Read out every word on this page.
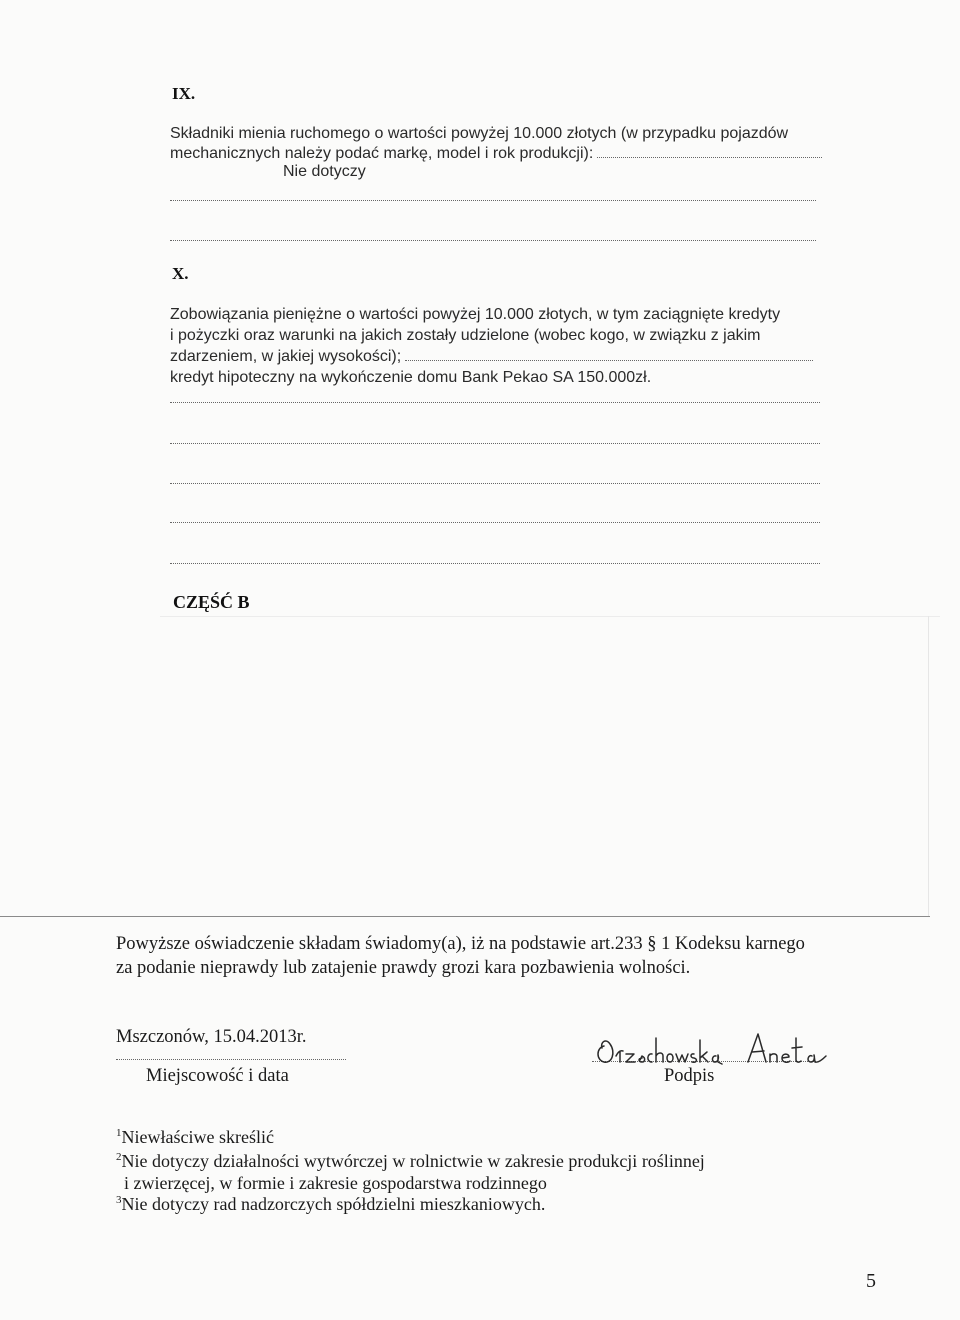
IX.
Składniki mienia ruchomego o wartości powyżej 10.000 złotych (w przypadku pojazdów
mechanicznych należy podać markę, model i rok produkcji):
Nie dotyczy
X.
Zobowiązania pieniężne o wartości powyżej 10.000 złotych, w tym zaciągnięte kredyty
i pożyczki oraz warunki na jakich zostały udzielone (wobec kogo, w związku z jakim
zdarzeniem, w jakiej wysokości);
kredyt hipoteczny na wykończenie domu Bank Pekao SA 150.000zł.
CZĘŚĆ B
Powyższe oświadczenie składam świadomy(a), iż na podstawie art.233 § 1 Kodeksu karnego
za podanie nieprawdy lub zatajenie prawdy grozi kara pozbawienia wolności.
Mszczonów, 15.04.2013r.
Miejscowość i data	Podpis
$^1$Niewłaściwe skreślić
$^2$Nie dotyczy działalności wytwórczej w rolnictwie w zakresie produkcji roślinnej
i zwierzęcej, w formie i zakresie gospodarstwa rodzinnego
$^3$Nie dotyczy rad nadzorczych spółdzielni mieszkaniowych.
5
